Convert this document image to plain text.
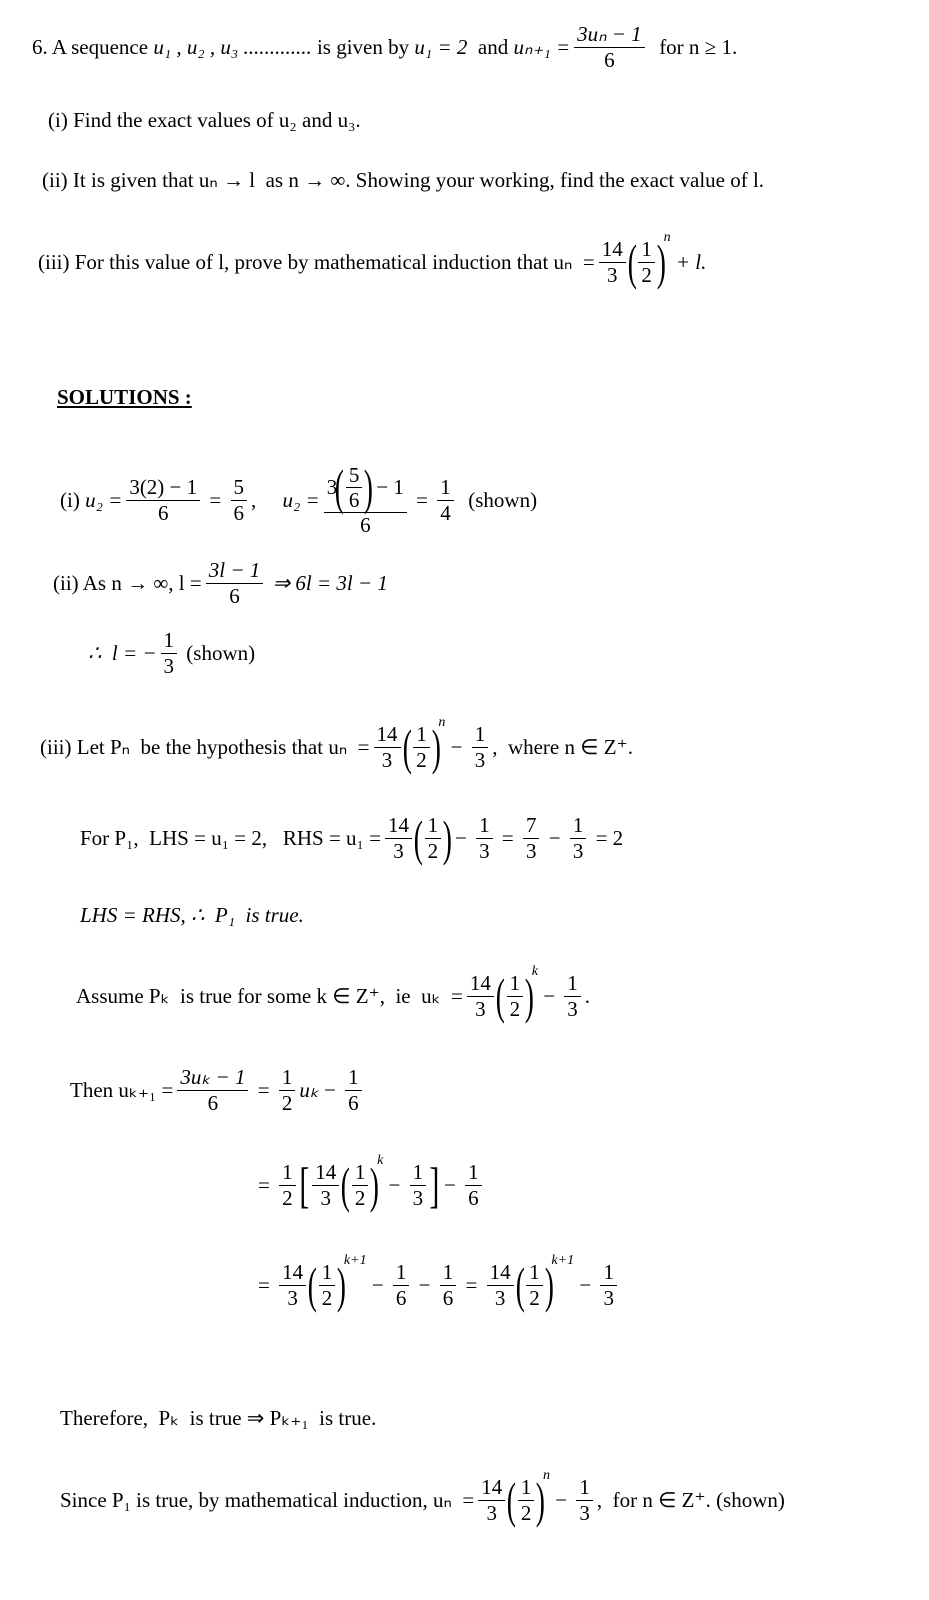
6. A sequence u₁ , u₂ , u₃ ............. is given by u₁ = 2 and $u_{n+1} = \frac{\text{3uₙ − 1}}{6}$ for n ≥ 1.
(i) Find the exact values of u₂ and u₃.
(ii) It is given that uₙ → l  as n → ∞. Showing your working, find the exact value of l.
(iii) For this value of l, prove by mathematical induction that $u_n = \frac{14}{3}$ ( $\frac{1}{2}$ )
n
+ l.
SOLUTIONS :
(i) $u_2 = \frac{3(2) - 1}{6} = \frac{5}{6}$ , u₂ = 3
( $\frac{5}{6}$ )
− 1
$6 = \frac{1}{4}$ (shown)
(ii) As n → ∞, $l = \frac{3l - 1}{6}$ ⇒ 6l = 3l − 1
∴  l = − $\frac{1}{3}$ (shown)
(iii) Let Pₙ  be the hypothesis that $u_n = \frac{14}{3}$ ( $\frac{1}{2}$ )
n
− $\frac{1}{3}$ ,  where n ∈ Z⁺.
For P₁,  LHS = u₁ = 2,   RHS = $u_1 = \frac{14}{3}$ ( $\frac{1}{2}$ )
− $\frac{1}{3} = \frac{7}{3} - \frac{1}{3} = 2$
LHS = RHS, ∴  P₁  is true.
Assume Pₖ  is true for some k ∈ Z⁺,  ie  $u_k = \frac{14}{3}$ ( $\frac{1}{2}$ )
k
− $\frac{1}{3}$ .
Then $u_{k+1} = \frac{\text{3uₖ − 1}}{6} = \frac{1}{2}$ $u_k - \frac{1}{6}$
= $\frac{1}{2}$ [ $\frac{14}{3}$ ( $\frac{1}{2}$ )
k
− $\frac{1}{3}$ ] − $\frac{1}{6}$
= $\frac{14}{3}$ ( $\frac{1}{2}$ )
k+1
− $\frac{1}{6} - \frac{1}{6} = \frac{14}{3}$ ( $\frac{1}{2}$ )
k+1
− $\frac{1}{3}$
Therefore,  Pₖ  is true ⇒ Pₖ₊₁  is true.
Since P₁ is true, by mathematical induction, $u_n = \frac{14}{3}$ ( $\frac{1}{2}$ )
n
− $\frac{1}{3}$ ,  for n ∈ Z⁺. (shown)
